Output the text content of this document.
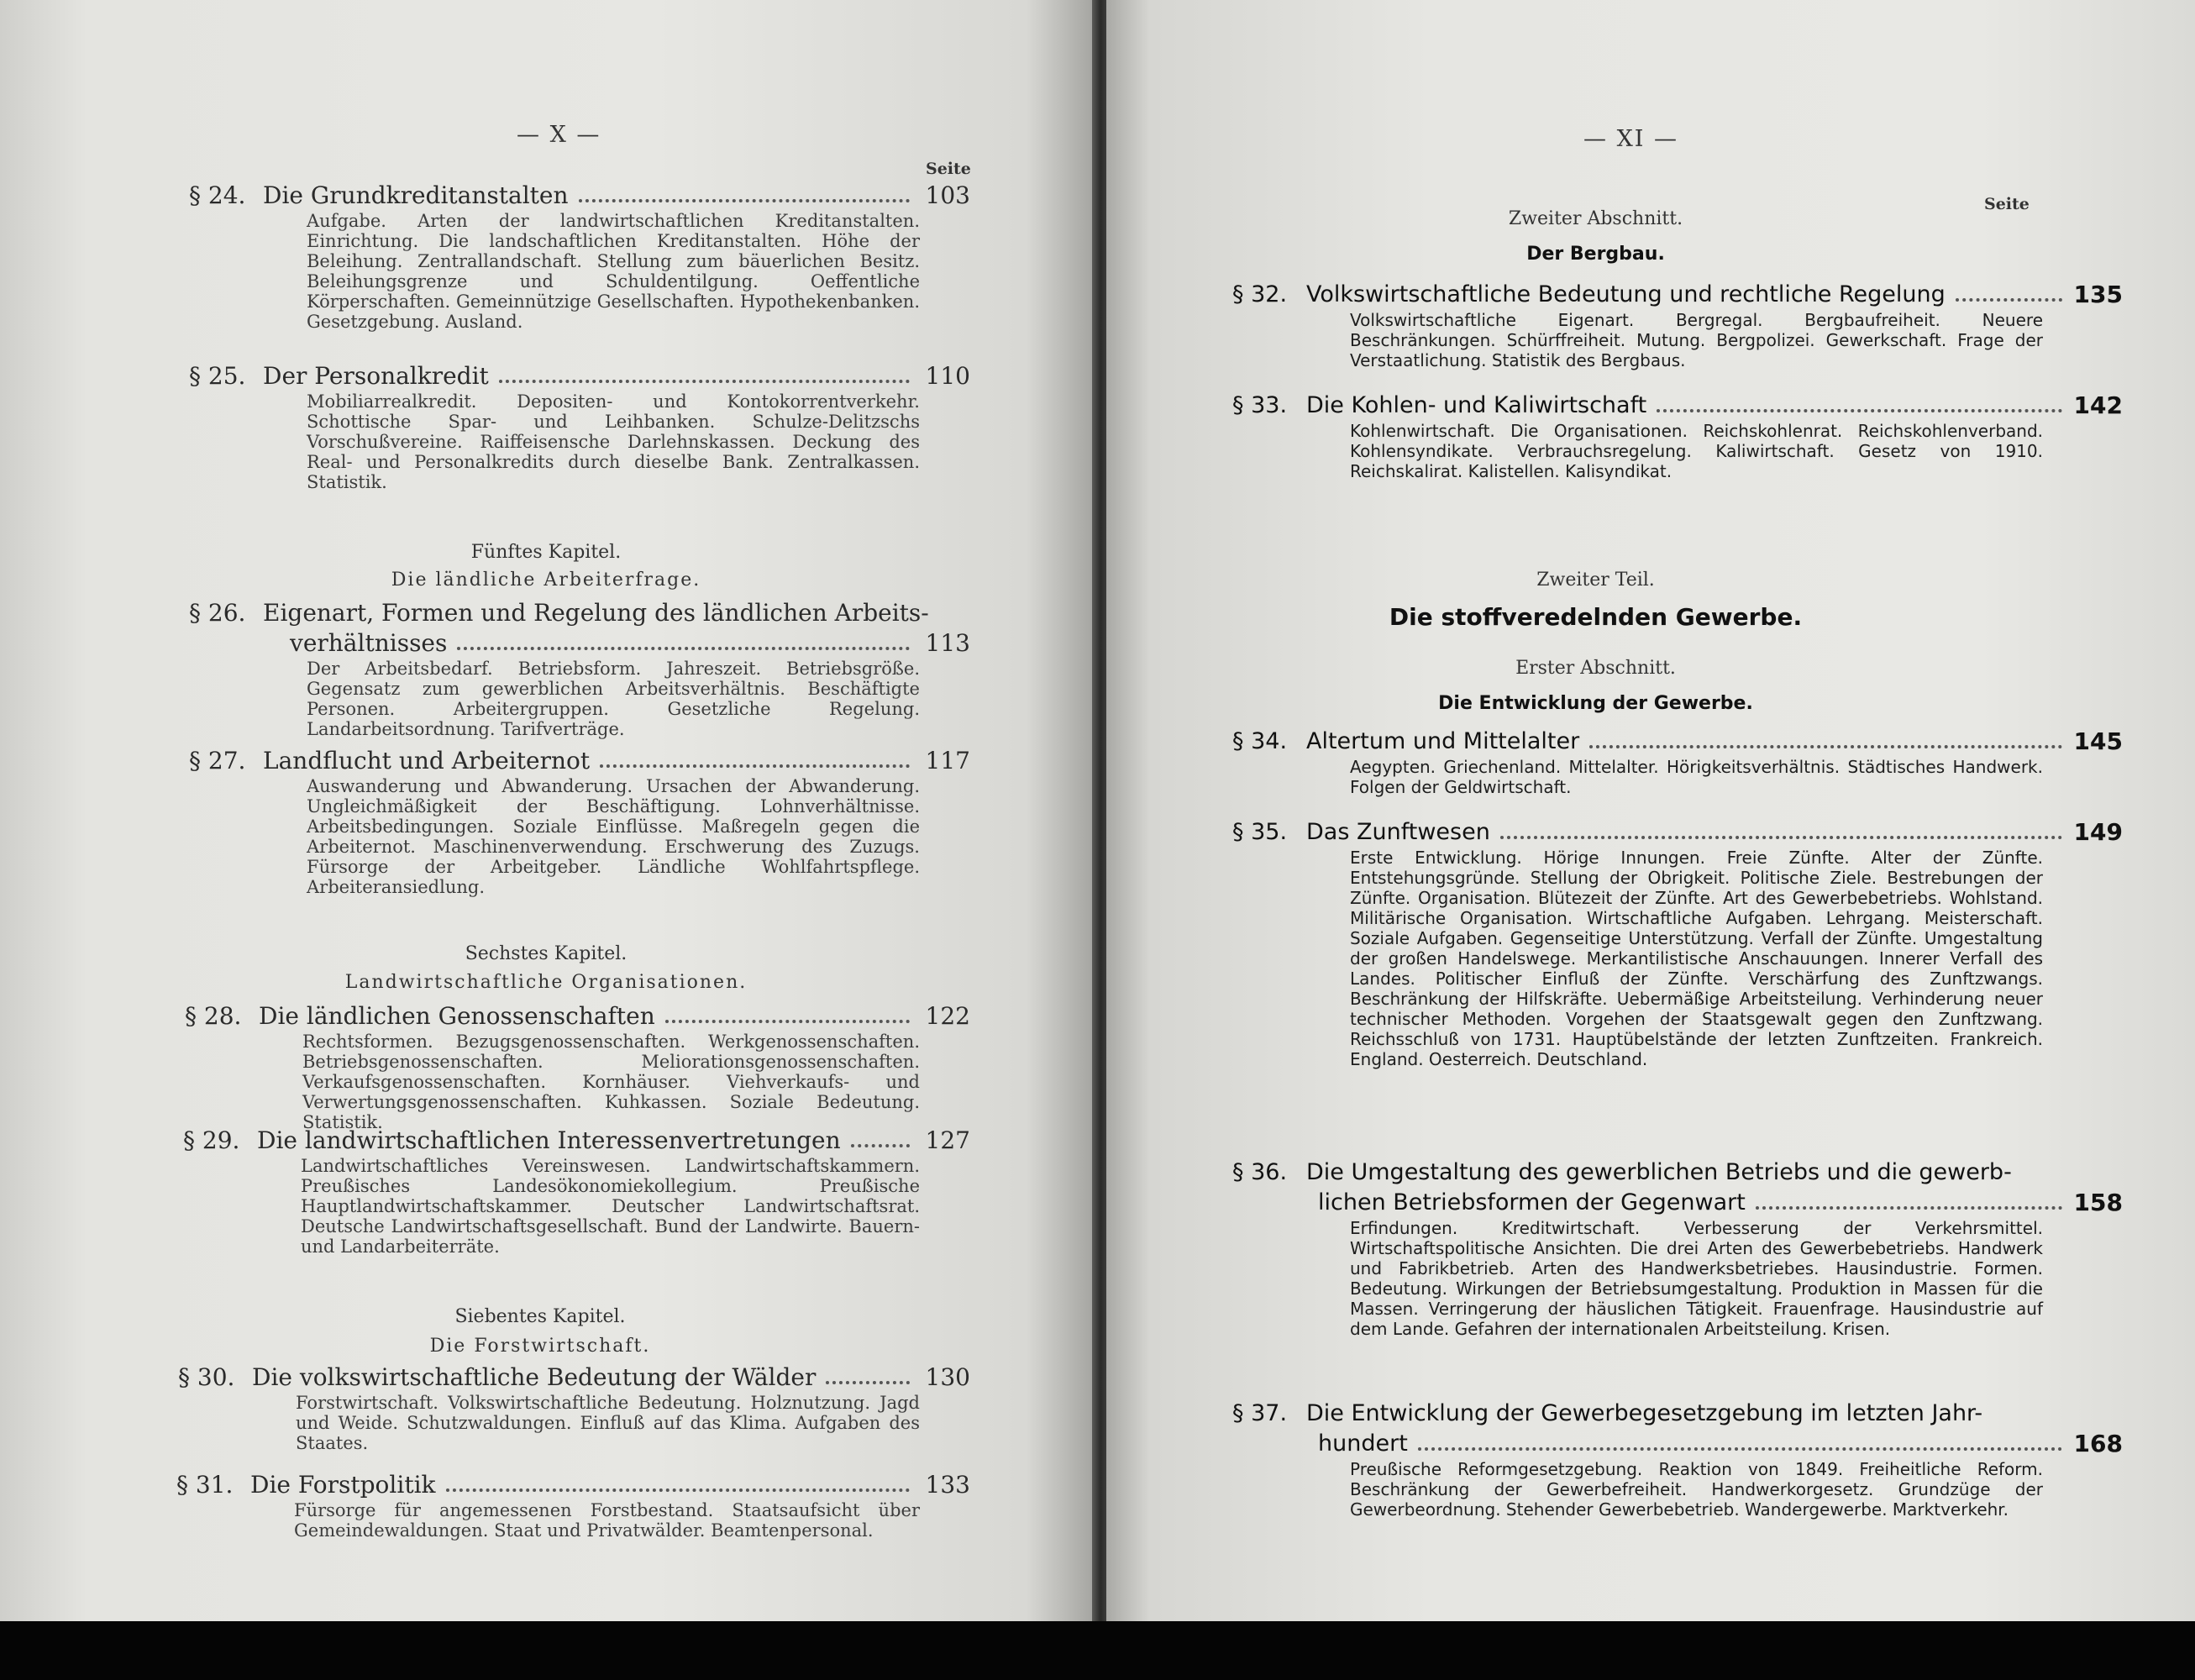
— X —
Seite
§ 24. Die Grundkreditanstalten	103
Aufgabe. Arten der landwirtschaftlichen Kreditanstalten. Einrichtung. Die landschaftlichen Kreditanstalten. Höhe der Beleihung. Zentrallandschaft. Stellung zum bäuerlichen Besitz. Beleihungsgrenze und Schuldentilgung. Oeffentliche Körperschaften. Gemeinnützige Gesellschaften. Hypothekenbanken. Gesetzgebung. Ausland.
§ 25. Der Personalkredit	110
Mobiliarrealkredit. Depositen- und Kontokorrentverkehr. Schottische Spar- und Leihbanken. Schulze-Delitzschs Vorschußvereine. Raiffeisensche Darlehnskassen. Deckung des Real- und Personalkredits durch dieselbe Bank. Zentralkassen. Statistik.
Fünftes Kapitel.
Die ländliche Arbeiterfrage.
§ 26. Eigenart, Formen und Regelung des ländlichen Arbeits-
verhältnisses	113
Der Arbeitsbedarf. Betriebsform. Jahreszeit. Betriebsgröße. Gegensatz zum gewerblichen Arbeitsverhältnis. Beschäftigte Personen. Arbeitergruppen. Gesetzliche Regelung. Landarbeitsordnung. Tarifverträge.
§ 27. Landflucht und Arbeiternot	117
Auswanderung und Abwanderung. Ursachen der Abwanderung. Ungleichmäßigkeit der Beschäftigung. Lohnverhältnisse. Arbeitsbedingungen. Soziale Einflüsse. Maßregeln gegen die Arbeiternot. Maschinenverwendung. Erschwerung des Zuzugs. Fürsorge der Arbeitgeber. Ländliche Wohlfahrtspflege. Arbeiteransiedlung.
Sechstes Kapitel.
Landwirtschaftliche Organisationen.
§ 28. Die ländlichen Genossenschaften	122
Rechtsformen. Bezugsgenossenschaften. Werkgenossenschaften. Betriebsgenossenschaften. Meliorationsgenossenschaften. Verkaufsgenossenschaften. Kornhäuser. Viehverkaufs- und Verwertungsgenossenschaften. Kuhkassen. Soziale Bedeutung. Statistik.
§ 29. Die landwirtschaftlichen Interessenvertretungen	127
Landwirtschaftliches Vereinswesen. Landwirtschaftskammern. Preußisches Landesökonomiekollegium. Preußische Hauptlandwirtschaftskammer. Deutscher Landwirtschaftsrat. Deutsche Landwirtschaftsgesellschaft. Bund der Landwirte. Bauern- und Landarbeiterräte.
Siebentes Kapitel.
Die Forstwirtschaft.
§ 30. Die volkswirtschaftliche Bedeutung der Wälder	130
Forstwirtschaft. Volkswirtschaftliche Bedeutung. Holznutzung. Jagd und Weide. Schutzwaldungen. Einfluß auf das Klima. Aufgaben des Staates.
§ 31. Die Forstpolitik	133
Fürsorge für angemessenen Forstbestand. Staatsaufsicht über Gemeindewaldungen. Staat und Privatwälder. Beamtenpersonal.
— XI —
Seite
Zweiter Abschnitt.
Der Bergbau.
§ 32. Volkswirtschaftliche Bedeutung und rechtliche Regelung	135
Volkswirtschaftliche Eigenart. Bergregal. Bergbaufreiheit. Neuere Beschränkungen. Schürffreiheit. Mutung. Bergpolizei. Gewerkschaft. Frage der Verstaatlichung. Statistik des Bergbaus.
§ 33. Die Kohlen- und Kaliwirtschaft	142
Kohlenwirtschaft. Die Organisationen. Reichskohlenrat. Reichskohlenverband. Kohlensyndikate. Verbrauchsregelung. Kaliwirtschaft. Gesetz von 1910. Reichskalirat. Kalistellen. Kalisyndikat.
Zweiter Teil.
Die stoffveredelnden Gewerbe.
Erster Abschnitt.
Die Entwicklung der Gewerbe.
§ 34. Altertum und Mittelalter	145
Aegypten. Griechenland. Mittelalter. Hörigkeitsverhältnis. Städtisches Handwerk. Folgen der Geldwirtschaft.
§ 35. Das Zunftwesen	149
Erste Entwicklung. Hörige Innungen. Freie Zünfte. Alter der Zünfte. Entstehungsgründe. Stellung der Obrigkeit. Politische Ziele. Bestrebungen der Zünfte. Organisation. Blütezeit der Zünfte. Art des Gewerbebetriebs. Wohlstand. Militärische Organisation. Wirtschaftliche Aufgaben. Lehrgang. Meisterschaft. Soziale Aufgaben. Gegenseitige Unterstützung. Verfall der Zünfte. Umgestaltung der großen Handelswege. Merkantilistische Anschauungen. Innerer Verfall des Landes. Politischer Einfluß der Zünfte. Verschärfung des Zunftzwangs. Beschränkung der Hilfskräfte. Uebermäßige Arbeitsteilung. Verhinderung neuer technischer Methoden. Vorgehen der Staatsgewalt gegen den Zunftzwang. Reichsschluß von 1731. Hauptübelstände der letzten Zunftzeiten. Frankreich. England. Oesterreich. Deutschland.
§ 36. Die Umgestaltung des gewerblichen Betriebs und die gewerb-
lichen Betriebsformen der Gegenwart	158
Erfindungen. Kreditwirtschaft. Verbesserung der Verkehrsmittel. Wirtschaftspolitische Ansichten. Die drei Arten des Gewerbebetriebs. Handwerk und Fabrikbetrieb. Arten des Handwerksbetriebes. Hausindustrie. Formen. Bedeutung. Wirkungen der Betriebsumgestaltung. Produktion in Massen für die Massen. Verringerung der häuslichen Tätigkeit. Frauenfrage. Hausindustrie auf dem Lande. Gefahren der internationalen Arbeitsteilung. Krisen.
§ 37. Die Entwicklung der Gewerbegesetzgebung im letzten Jahr-
hundert	168
Preußische Reformgesetzgebung. Reaktion von 1849. Freiheitliche Reform. Beschränkung der Gewerbefreiheit. Handwerkorgesetz. Grundzüge der Gewerbeordnung. Stehender Gewerbebetrieb. Wandergewerbe. Marktverkehr.
